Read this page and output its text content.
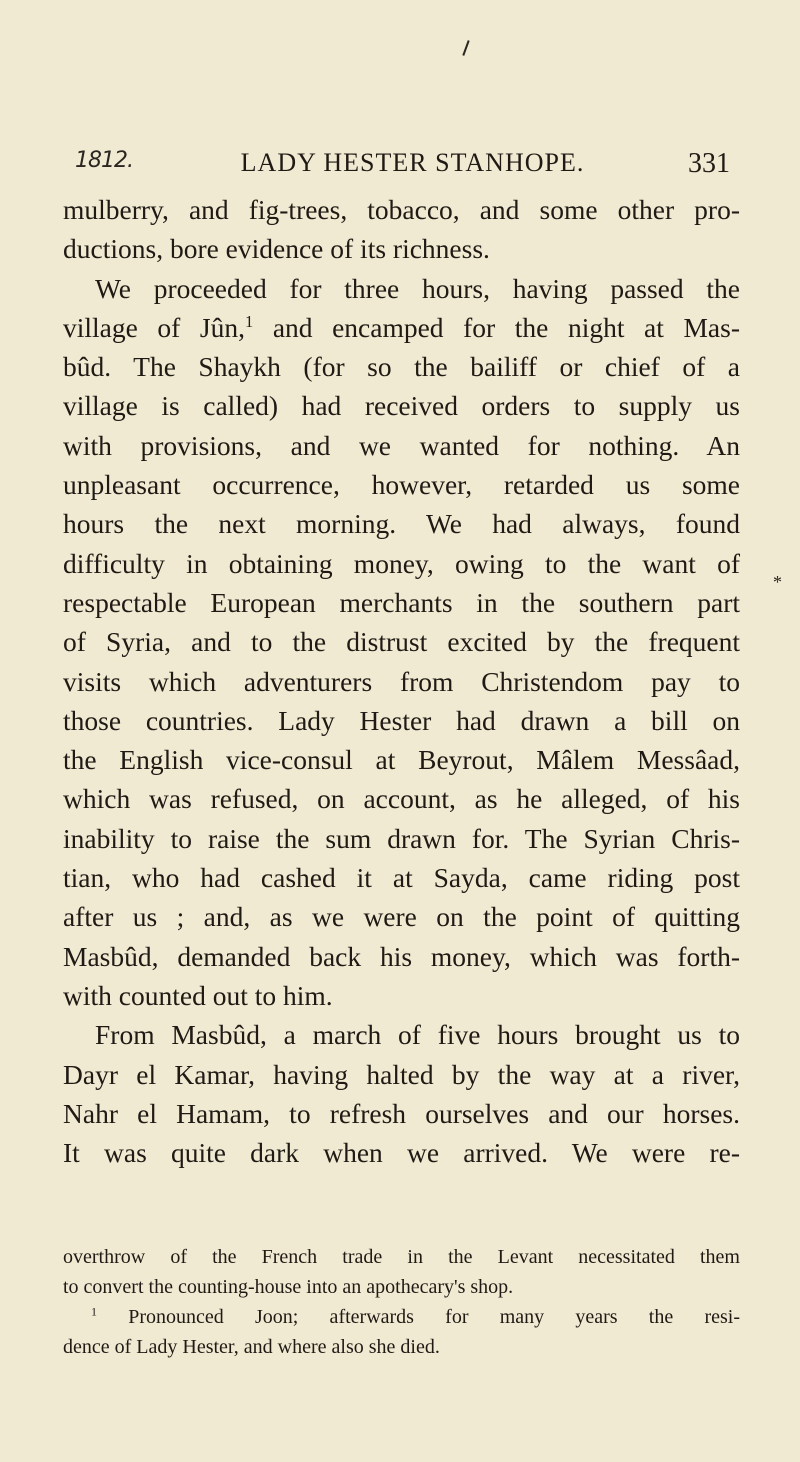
1812.	LADY HESTER STANHOPE.	331
mulberry, and fig-trees, tobacco, and some other pro-
ductions, bore evidence of its richness.
We proceeded for three hours, having passed the
village of Jûn,$^1$ and encamped for the night at Mas-
bûd. The Shaykh (for so the bailiff or chief of a
village is called) had received orders to supply us
with provisions, and we wanted for nothing. An
unpleasant occurrence, however, retarded us some
hours the next morning. We had always, found
difficulty in obtaining money, owing to the want of
respectable European merchants in the southern part
of Syria, and to the distrust excited by the frequent
visits which adventurers from Christendom pay to
those countries. Lady Hester had drawn a bill on
the English vice-consul at Beyrout, Mâlem Messâad,
which was refused, on account, as he alleged, of his
inability to raise the sum drawn for. The Syrian Chris-
tian, who had cashed it at Sayda, came riding post
after us ; and, as we were on the point of quitting
Masbûd, demanded back his money, which was forth-
with counted out to him.
From Masbûd, a march of five hours brought us to
Dayr el Kamar, having halted by the way at a river,
Nahr el Hamam, to refresh ourselves and our horses.
It was quite dark when we arrived. We were re-
overthrow of the French trade in the Levant necessitated them
to convert the counting-house into an apothecary's shop.
$^1$ Pronounced Joon; afterwards for many years the resi-
dence of Lady Hester, and where also she died.
*
